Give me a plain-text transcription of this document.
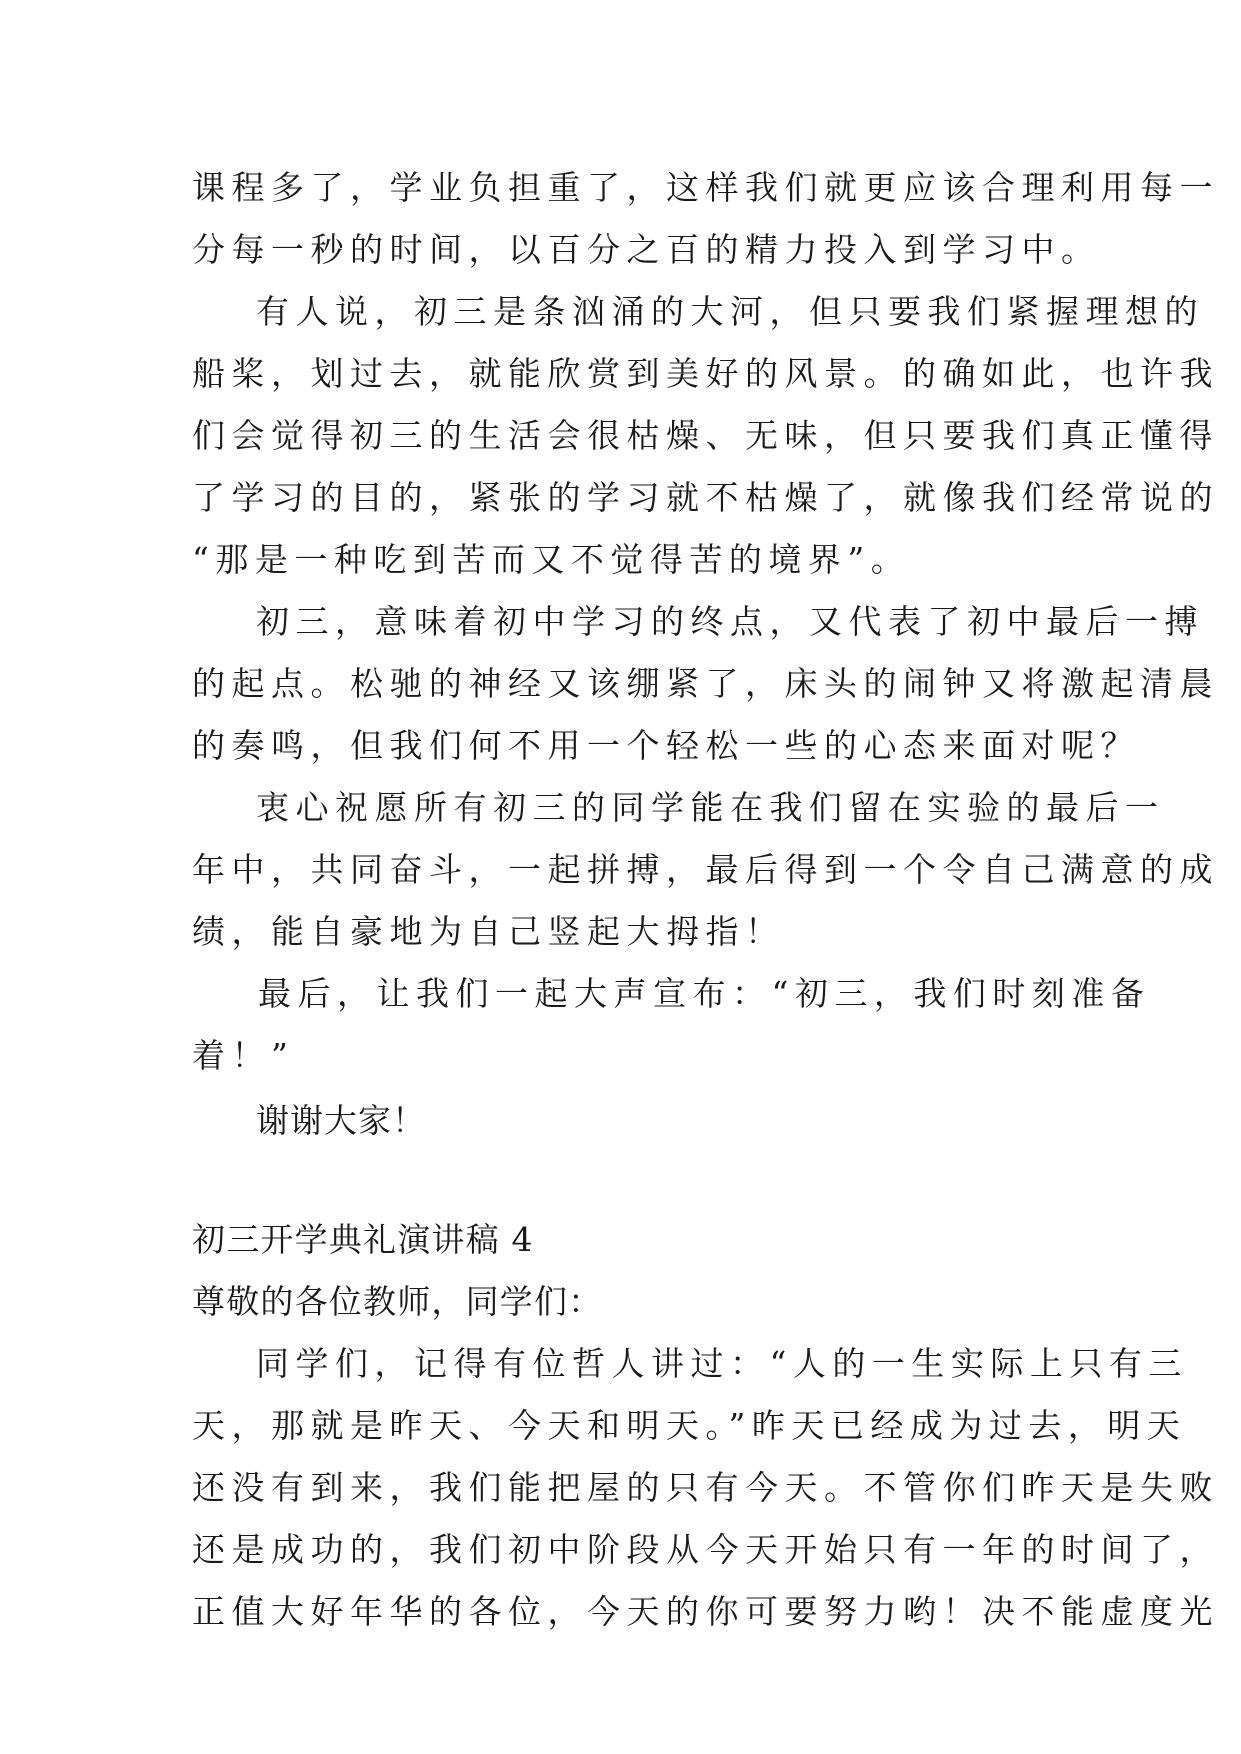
课程多了，学业负担重了，这样我们就更应该合理利用每一
分每一秒的时间，以百分之百的精力投入到学习中。
有人说，初三是条汹涌的大河，但只要我们紧握理想的
船桨，划过去，就能欣赏到美好的风景。的确如此，也许我
们会觉得初三的生活会很枯燥、无味，但只要我们真正懂得
了学习的目的，紧张的学习就不枯燥了，就像我们经常说的
“那是一种吃到苦而又不觉得苦的境界”。
初三，意味着初中学习的终点，又代表了初中最后一搏
的起点。松驰的神经又该绷紧了，床头的闹钟又将激起清晨
的奏鸣，但我们何不用一个轻松一些的心态来面对呢？
衷心祝愿所有初三的同学能在我们留在实验的最后一
年中，共同奋斗，一起拼搏，最后得到一个令自己满意的成
绩，能自豪地为自己竖起大拇指！
最后，让我们一起大声宣布：“初三，我们时刻准备
着！”
谢谢大家！
初三开学典礼演讲稿 4
尊敬的各位教师，同学们：
同学们，记得有位哲人讲过：“人的一生实际上只有三
天，那就是昨天、今天和明天。”昨天已经成为过去，明天
还没有到来，我们能把屋的只有今天。不管你们昨天是失败
还是成功的，我们初中阶段从今天开始只有一年的时间了，
正值大好年华的各位，今天的你可要努力哟！决不能虚度光
